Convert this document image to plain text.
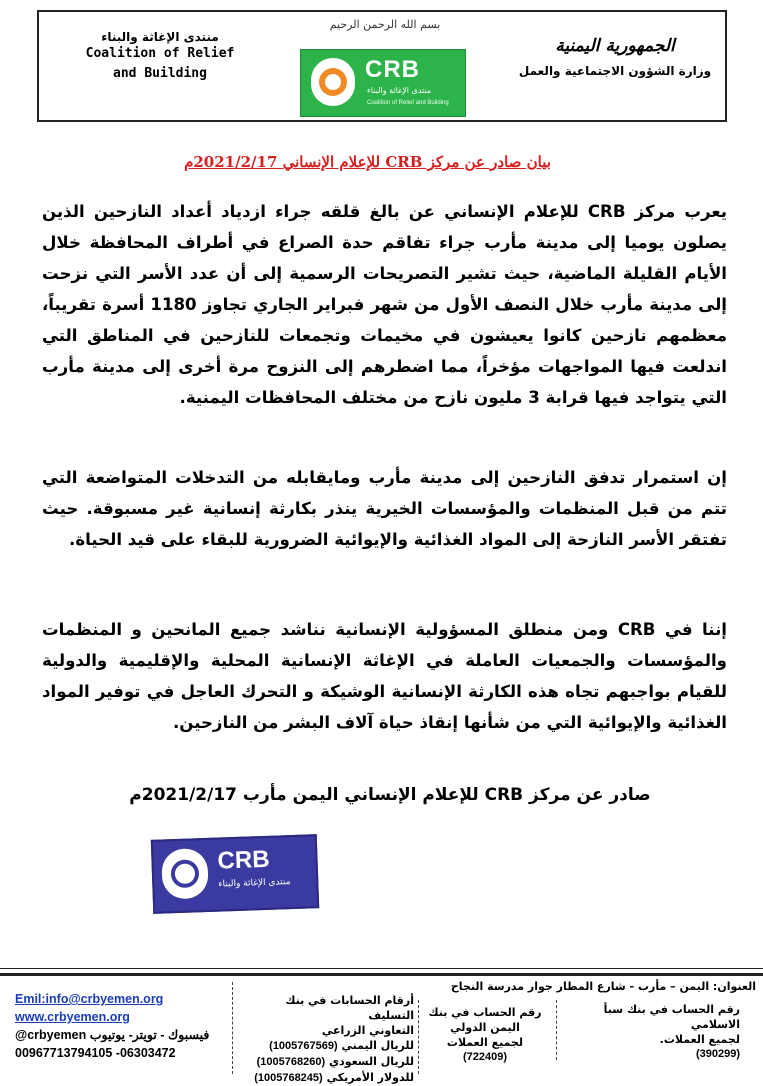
منتدى الإغاثة والبناء
Coalition of Relief
and Building
بسم الله الرحمن الرحيم
CRB
منتدى الإغاثة والبناء
Coalition of Relief and Building
الجمهورية اليمنية
وزارة الشؤون الاجتماعية والعمل
بيان صادر عن مركز CRB للإعلام الإنساني 2021/2/17م
يعرب مركز CRB للإعلام الإنساني عن بالغ قلقه جراء ازدياد أعداد النازحين الذين يصلون يوميا إلى مدينة مأرب جراء تفاقم حدة الصراع في أطراف المحافظة خلال الأيام القليلة الماضية، حيث تشير التصريحات الرسمية إلى أن عدد الأسر التي نزحت إلى مدينة مأرب خلال النصف الأول من شهر فبراير الجاري تجاوز 1180 أسرة تقريباً، معظمهم نازحين كانوا يعيشون في مخيمات وتجمعات للنازحين في المناطق التي اندلعت فيها المواجهات مؤخراً، مما اضطرهم إلى النزوح مرة أخرى إلى مدينة مأرب التي يتواجد فيها قرابة 3 مليون نازح من مختلف المحافظات اليمنية.
إن استمرار تدفق النازحين إلى مدينة مأرب ومايقابله من التدخلات المتواضعة التي تتم من قبل المنظمات والمؤسسات الخيرية ينذر بكارثة إنسانية غير مسبوقة. حيث تفتقر الأسر النازحة إلى المواد الغذائية والإيوائية الضرورية للبقاء على قيد الحياة.
إننا في CRB ومن منطلق المسؤولية الإنسانية نناشد جميع المانحين و المنظمات والمؤسسات والجمعيات العاملة في الإغاثة الإنسانية المحلية والإقليمية والدولية للقيام بواجبهم تجاه هذه الكارثة الإنسانية الوشيكة و التحرك العاجل في توفير المواد الغذائية والإيوائية التي من شأنها إنقاذ حياة آلاف البشر من النازحين.
صادر عن مركز CRB للإعلام الإنساني اليمن مأرب 2021/2/17م
CRB
منتدى الإغاثة والبناء
Emil:info@crbyemen.org
www.crbyemen.org
@crbyemen فيسبوك - تويتر- يوتيوب
00967713794105 -06303472
أرقام الحسابات في بنك التسليف
التعاوني الزراعي
للريال اليمني (1005767569)
للريال السعودي (1005768260)
للدولار الأمريكي (1005768245)
العنوان: اليمن – مأرب - شارع المطار جوار مدرسة النجاح
رقم الحساب في بنك اليمن الدولي
لجميع العملات
(722409)
رقم الحساب في بنك سبأ الاسلامي
لجميع العملات.
(390299)
